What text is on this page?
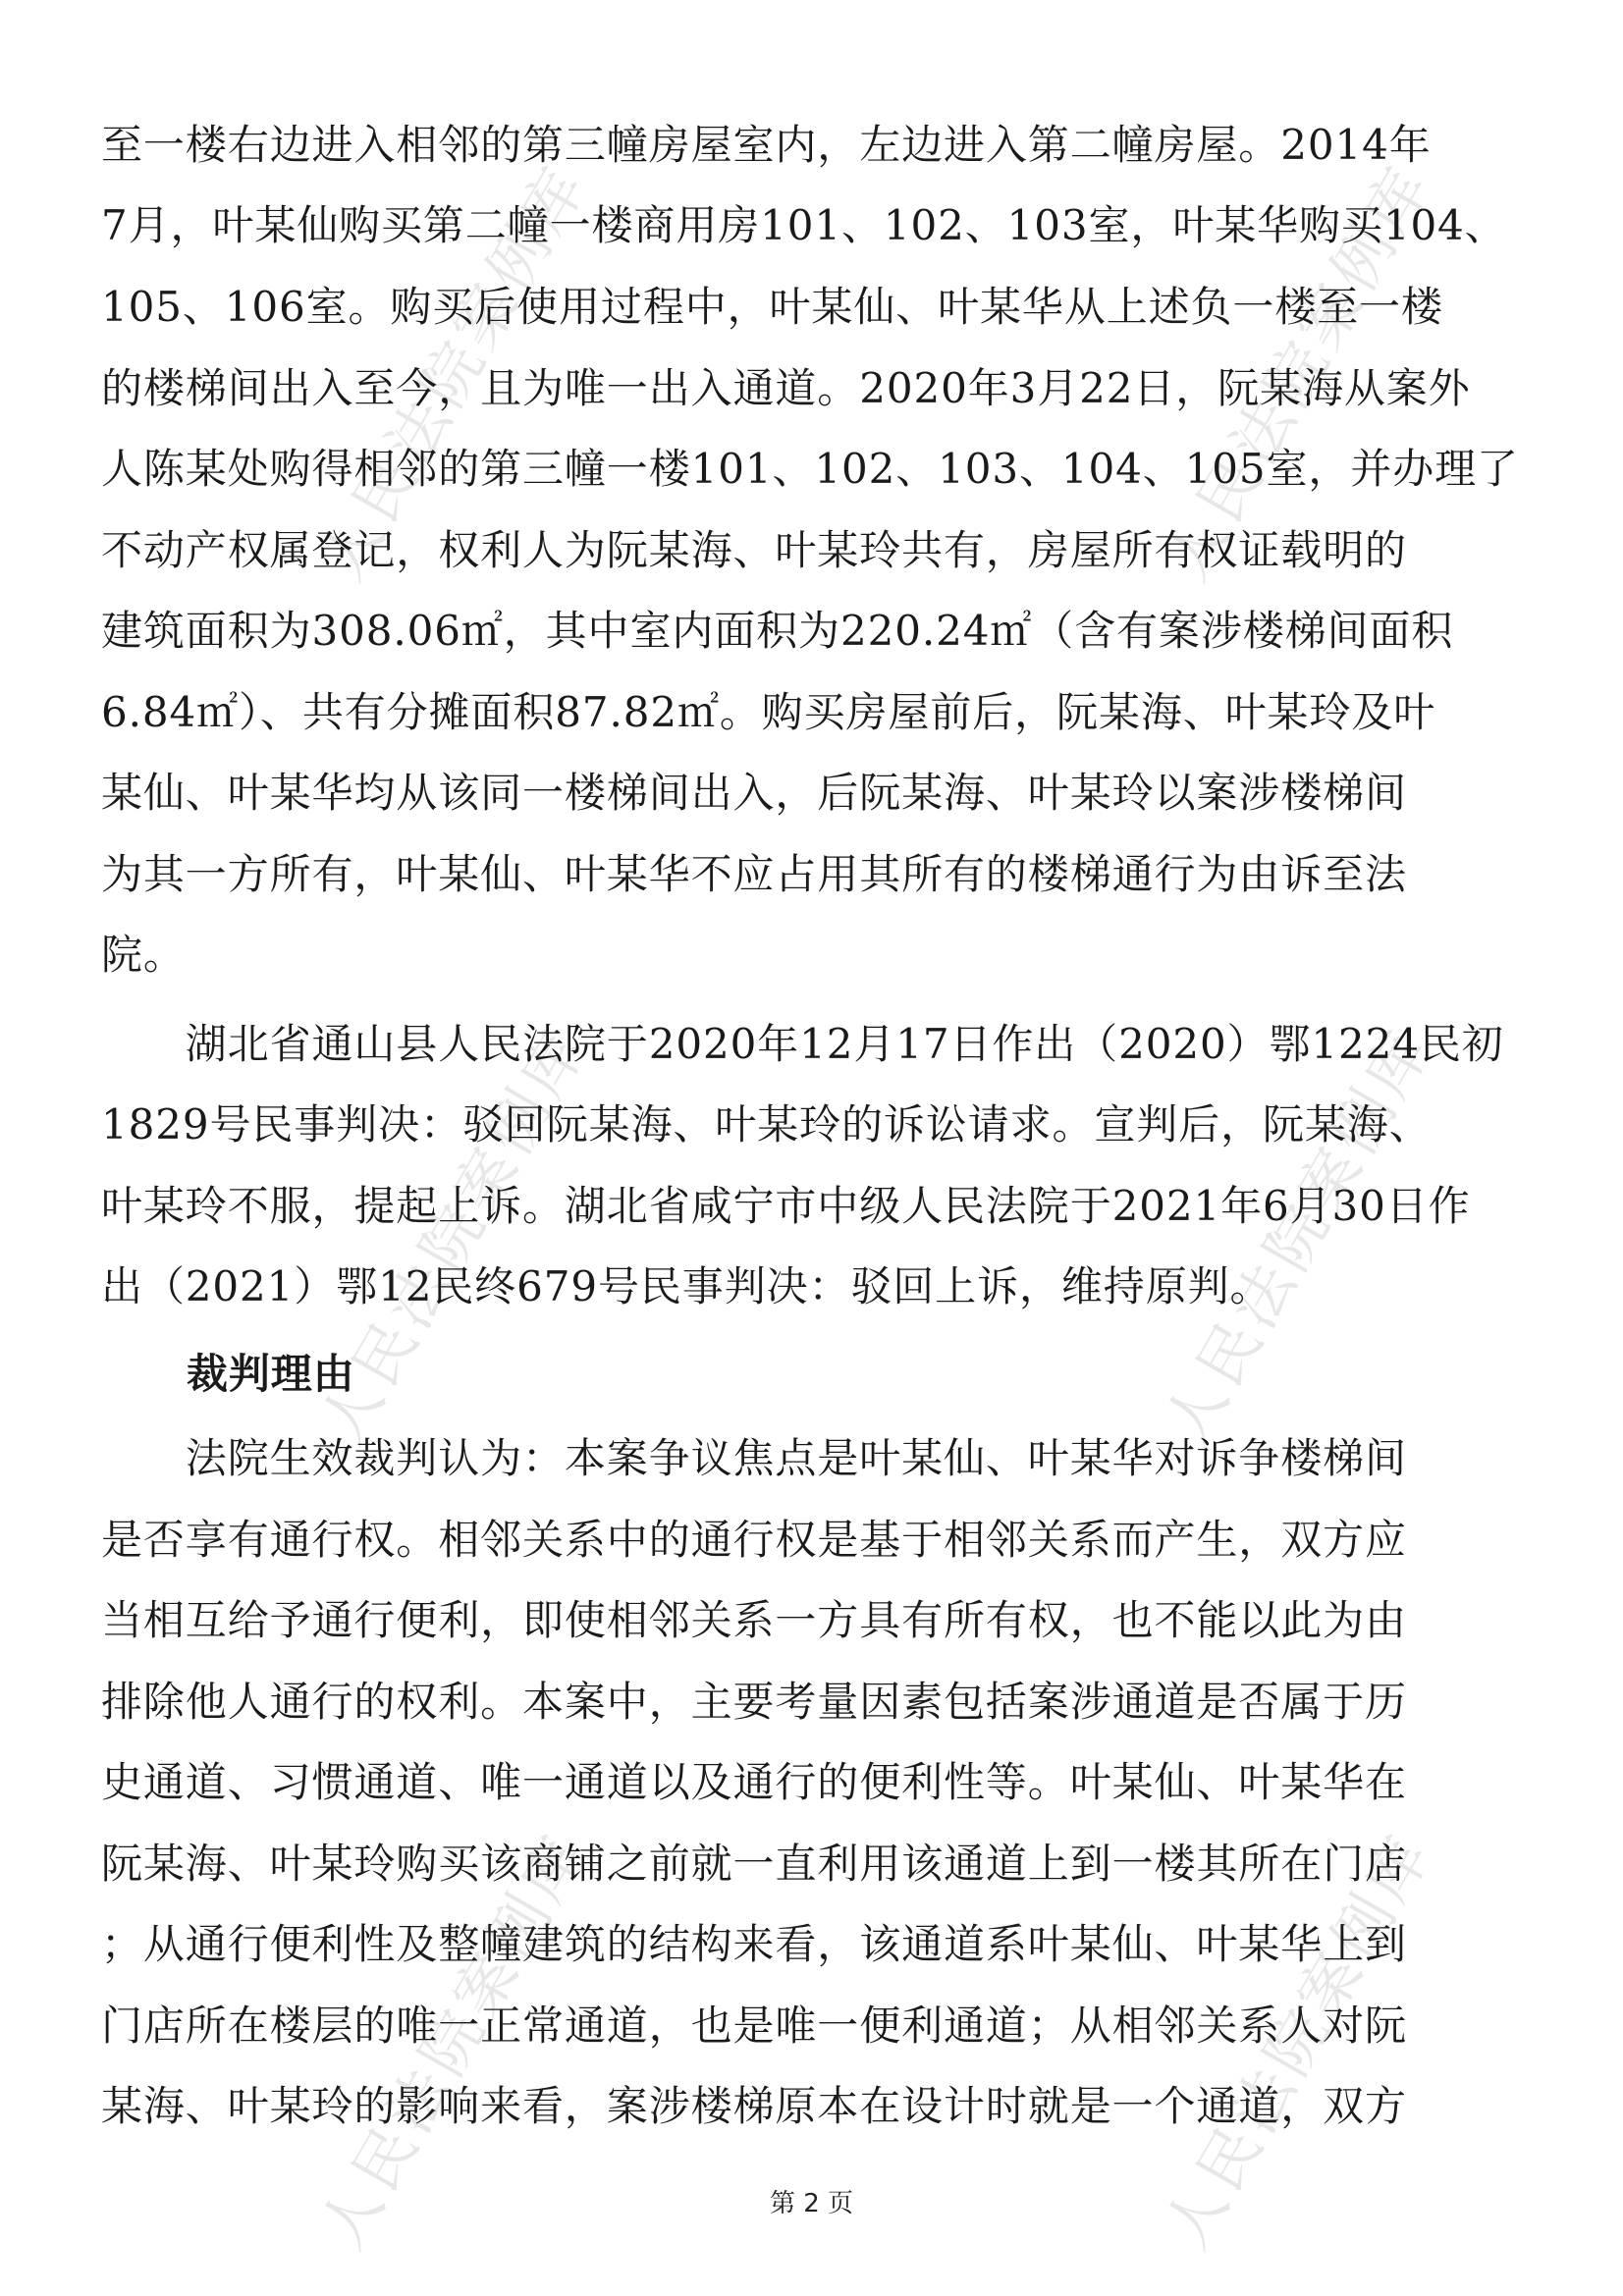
人民法院案例库	人民法院案例库
人民法院案例库	人民法院案例库
人民法院案例库	人民法院案例库
至一楼右边进入相邻的第三幢房屋室内，左边进入第二幢房屋。2014年
7月，叶某仙购买第二幢一楼商用房101、102、103室，叶某华购买104、
105、106室。购买后使用过程中，叶某仙、叶某华从上述负一楼至一楼
的楼梯间出入至今，且为唯一出入通道。2020年3月22日，阮某海从案外
人陈某处购得相邻的第三幢一楼101、102、103、104、105室，并办理了
不动产权属登记，权利人为阮某海、叶某玲共有，房屋所有权证载明的
建筑面积为308.06㎡，其中室内面积为220.24㎡（含有案涉楼梯间面积
6.84㎡）、共有分摊面积87.82㎡。购买房屋前后，阮某海、叶某玲及叶
某仙、叶某华均从该同一楼梯间出入，后阮某海、叶某玲以案涉楼梯间
为其一方所有，叶某仙、叶某华不应占用其所有的楼梯通行为由诉至法
院。
　　湖北省通山县人民法院于2020年12月17日作出（2020）鄂1224民初
1829号民事判决：驳回阮某海、叶某玲的诉讼请求。宣判后，阮某海、
叶某玲不服，提起上诉。湖北省咸宁市中级人民法院于2021年6月30日作
出（2021）鄂12民终679号民事判决：驳回上诉，维持原判。
裁判理由
　　法院生效裁判认为：本案争议焦点是叶某仙、叶某华对诉争楼梯间
是否享有通行权。相邻关系中的通行权是基于相邻关系而产生，双方应
当相互给予通行便利，即使相邻关系一方具有所有权，也不能以此为由
排除他人通行的权利。本案中，主要考量因素包括案涉通道是否属于历
史通道、习惯通道、唯一通道以及通行的便利性等。叶某仙、叶某华在
阮某海、叶某玲购买该商铺之前就一直利用该通道上到一楼其所在门店
；从通行便利性及整幢建筑的结构来看，该通道系叶某仙、叶某华上到
门店所在楼层的唯一正常通道，也是唯一便利通道；从相邻关系人对阮
某海、叶某玲的影响来看，案涉楼梯原本在设计时就是一个通道，双方
第 2 页
